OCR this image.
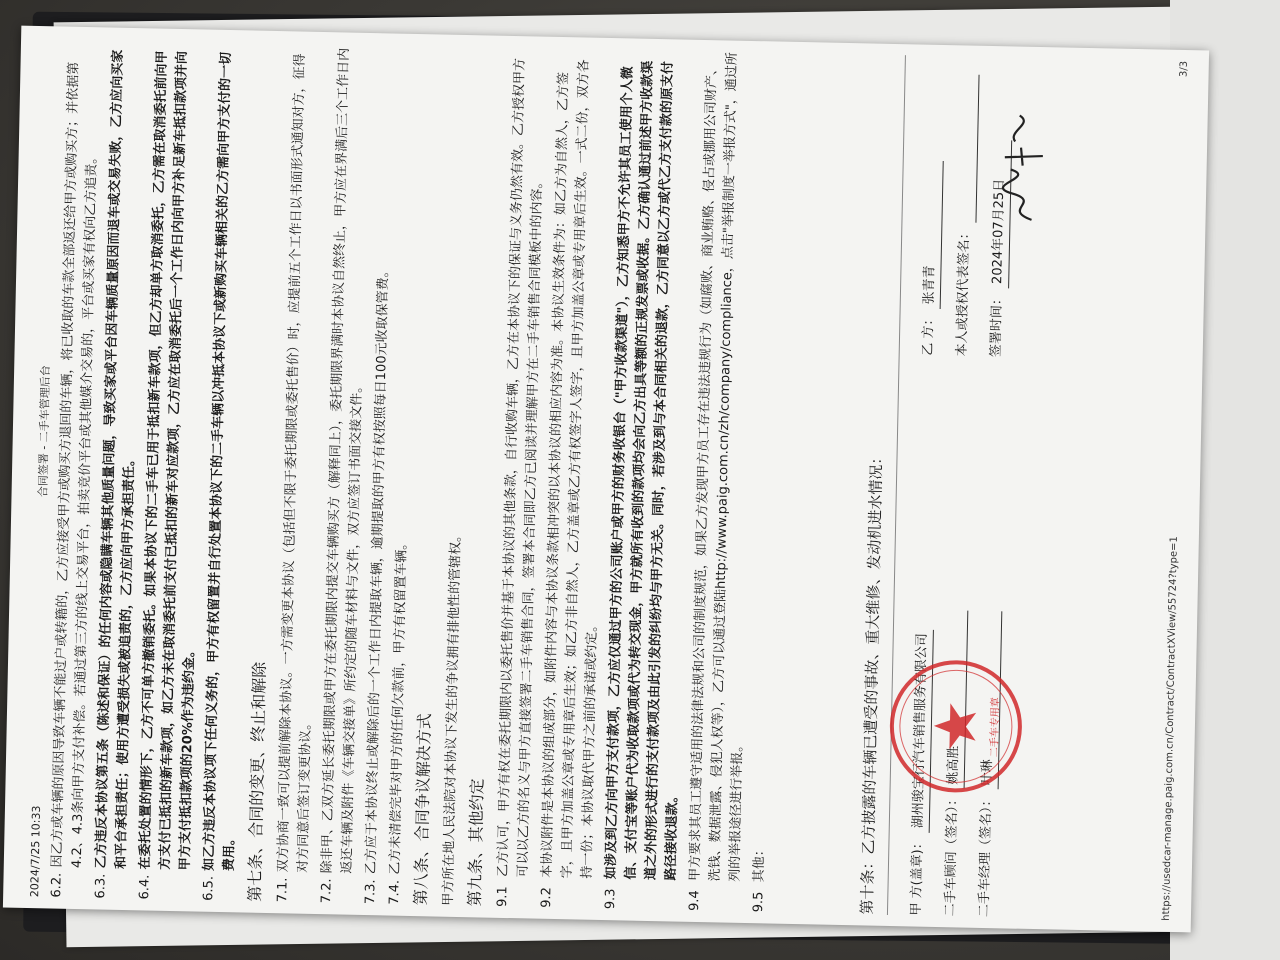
2024/7/25 10:33
合同签署 - 二手车管理后台
6.2.
因乙方或车辆的原因导致车辆不能过户或转籍的，乙方应接受甲方或购买方退回的车辆，将已收取的车款全部返还给甲方或购买方；并依据第4.2、4.3条向甲方支付补偿。若通过第三方的线上交易平台，拍卖竞价平台或其他媒介交易的，平台或买家有权向乙方追责。
6.3.
乙方违反本协议第五条（陈述和保证）的任何内容或隐瞒车辆其他质量问题，导致买家或平台因车辆质量原因而退车或交易失败，乙方应向买家和平台承担责任；使用方遭受损失或被追责的，乙方应向甲方承担责任。
6.4.
在委托处置的情形下，乙方不可单方撤销委托。如果本协议下的二手车已用于抵扣新车款项，但乙方却单方取消委托，乙方需在取消委托前向甲方支付已抵扣的新车款项，如乙方未在取消委托前支付已抵扣的新车对应款项，乙方应在取消委托后一个工作日内向甲方补足新车抵扣款项并向甲方支付抵扣款项的20%作为违约金。
6.5.
如乙方违反本协议项下任何义务的，甲方有权留置并自行处置本协议下的二手车辆以冲抵本协议下或新购买车辆相关的乙方需向甲方支付的一切费用。 第七条、合同的变更、终止和解除 7.1.
双方协商一致可以提前解除本协议。一方需变更本协议（包括但不限于委托期限或委托售价）时，应提前五个工作日以书面形式通知对方，征得对方同意后签订变更协议。
7.2.
除非甲、乙双方延长委托期限或甲方在委托期限内提交车辆购买方（解释同上），委托期限界满时本协议自然终止，甲方应在界满后三个工作日内返还车辆及附件《车辆交接单》所约定的随车材料与文件，双方应签订书面交接文件。
7.3.
乙方应于本协议终止或解除后的一个工作日内提取车辆，逾期提取的甲方有权按照每日100元收取保管费。
7.4.
乙方未清偿完毕对甲方的任何欠款前，甲方有权留置车辆。 第八条、合同争议解决方式 甲方所在地人民法院对本协议下发生的争议拥有排他性的管辖权。 第九条、其他约定 9.1
乙方认可，甲方有权在委托期限内以委托售价并基于本协议的其他条款，自行收购车辆，乙方在本协议下的保证与义务仍然有效。乙方授权甲方可以以乙方的名义与甲方直接签署二手车销售合同，签署本合同即乙方已阅读并理解甲方在二手车销售合同模板中的内容。
9.2
本协议附件是本协议的组成部分，如附件内容与本协议条款相冲突的以本协议的相应内容为准。本协议生效条件为：如乙方为自然人，乙方签字，且甲方加盖公章或专用章后生效；如乙方非自然人，乙方盖章或乙方有权签字人签字，且甲方加盖公章或专用章后生效。一式二份，双方各持一份；本协议取代甲方之前的承诺或约定。
9.3
如涉及到乙方向甲方支付款项，乙方应仅通过甲方的公司账户或甲方的财务收银台（"甲方收款渠道"），乙方知悉甲方不允许其员工使用个人微信、支付宝等账户代为收取款项或代为转交现金，甲方就所有收到的款项均会向乙方出具等额的正规发票或收据。乙方确认通过前述甲方收款渠道之外的形式进行的支付款项及由此引发的纠纷均与甲方无关。同时，若涉及到与本合同相关的退款，乙方同意以乙方或代乙方支付款的原支付路径接收退款。
9.4
甲方要求其员工遵守适用的法律法规和公司的制度规范，如果乙方发现甲方员工存在违法违规行为（如腐败、商业贿赂、侵占或挪用公司财产、洗钱、数据泄露、侵犯人权等），乙方可以通过登陆http://www.paig.com.cn/zh/company/compliance，点击"举报制度一举报方式"，通过所列的举报途径进行举报。
9.5
其他：	甲 方(盖章)： 湖州骏宝行汽车销售服务有限公司
乙 方： 张青青
二手车顾问（签名）： 姚高胜
本人或授权代表签名：
二手车经理（签名）： 叶琳
签署时间： 2024年07月25日
第十条：乙方披露的车辆已遭受的事故、重大维修、发动机进水情况：	二手车专用章	https://usedcar-manage.paig.com.cn/Contract/ContractXView/55724?type=1
3/3
